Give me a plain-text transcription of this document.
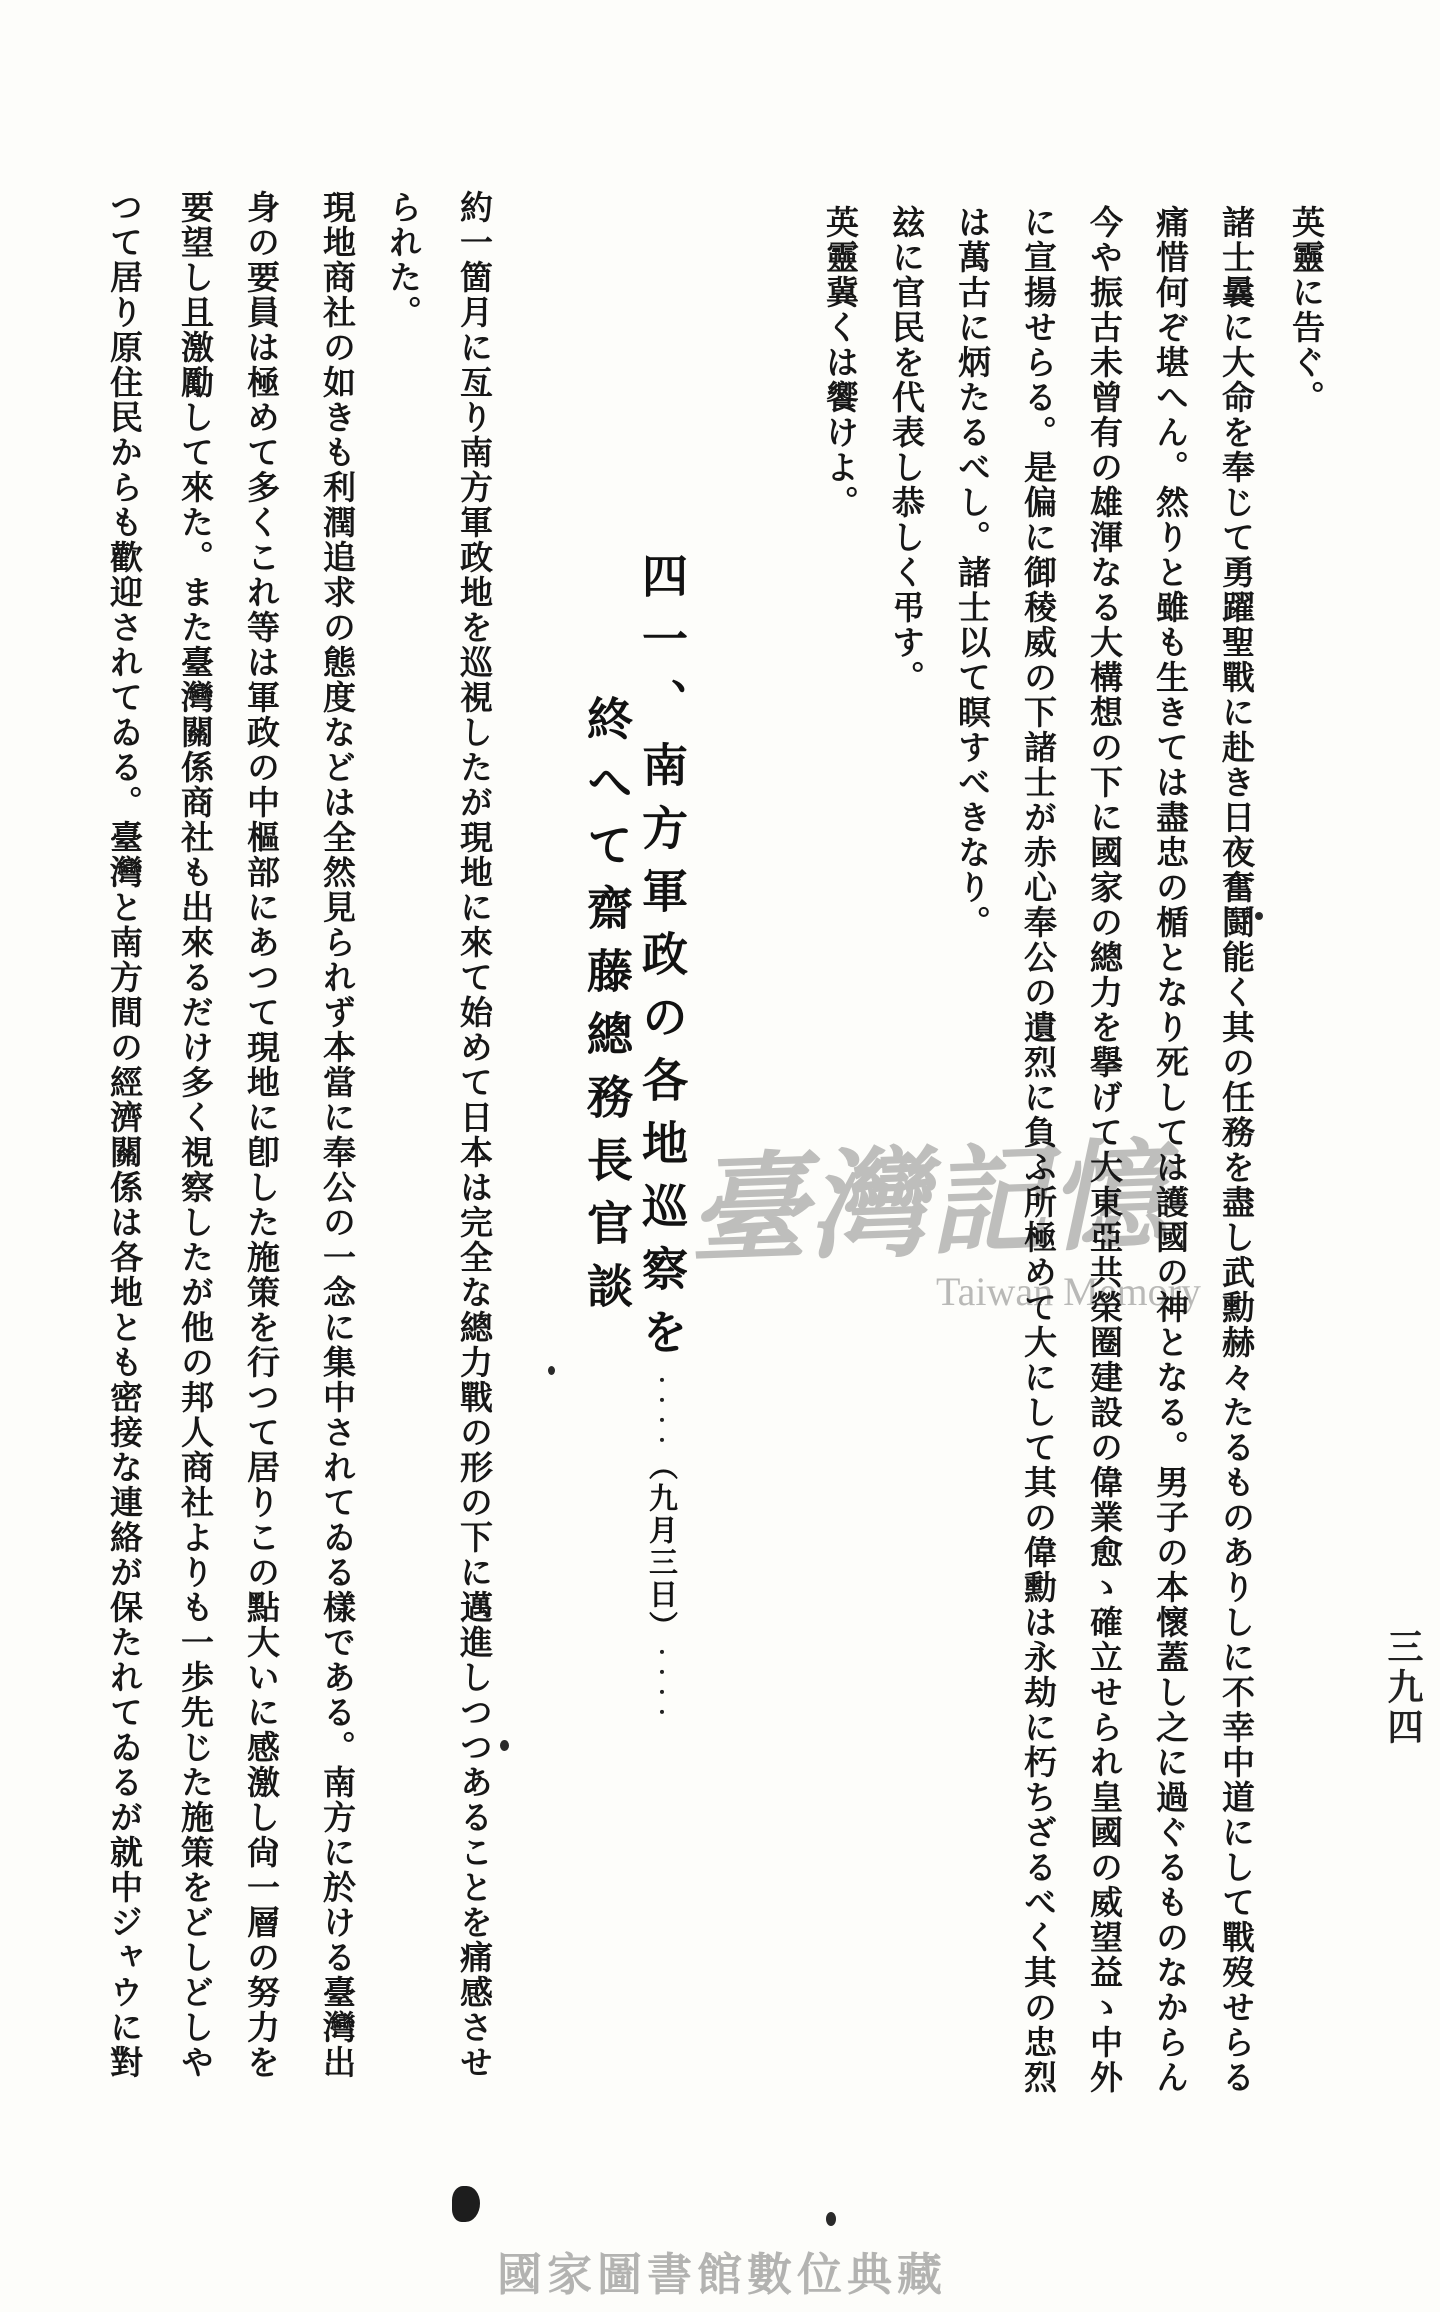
臺灣記憶
Taiwan Memory
國家圖書館數位典藏
英靈に告ぐ。
諸士曩に大命を奉じて勇躍聖戰に赴き日夜奮鬪能く其の任務を盡し武勳赫々たるものありしに不幸中道にして戰歿せらる
痛惜何ぞ堪へん。然りと雖も生きては盡忠の楯となり死しては護國の神となる。男子の本懷蓋し之に過ぐるものなからん
今や振古未曾有の雄渾なる大構想の下に國家の總力を擧げて大東亞共榮圈建設の偉業愈ゝ確立せられ皇國の威望益ゝ中外
に宣揚せらる。是偏に御稜威の下諸士が赤心奉公の遺烈に負ふ所極めて大にして其の偉勳は永劫に朽ちざるべく其の忠烈
は萬古に炳たるべし。諸士以て瞑すべきなり。
玆に官民を代表し恭しく弔す。
英靈冀くは饗けよ。
四一、南方軍政の各地巡察を・・・・︵九月三日︶・・・・
終へて齋藤總務長官談
約一箇月に亙り南方軍政地を巡視したが現地に來て始めて日本は完全な總力戰の形の下に邁進しつつあることを痛感させ
られた。
現地商社の如きも利潤追求の態度などは全然見られず本當に奉公の一念に集中されてゐる樣である。南方に於ける臺灣出
身の要員は極めて多くこれ等は軍政の中樞部にあつて現地に卽した施策を行つて居りこの點大いに感激し尙一層の努力を
要望し且激勵して來た。また臺灣關係商社も出來るだけ多く視察したが他の邦人商社よりも一歩先じた施策をどしどしや
つて居り原住民からも歡迎されてゐる。臺灣と南方間の經濟關係は各地とも密接な連絡が保たれてゐるが就中ジャウに對	三九四
